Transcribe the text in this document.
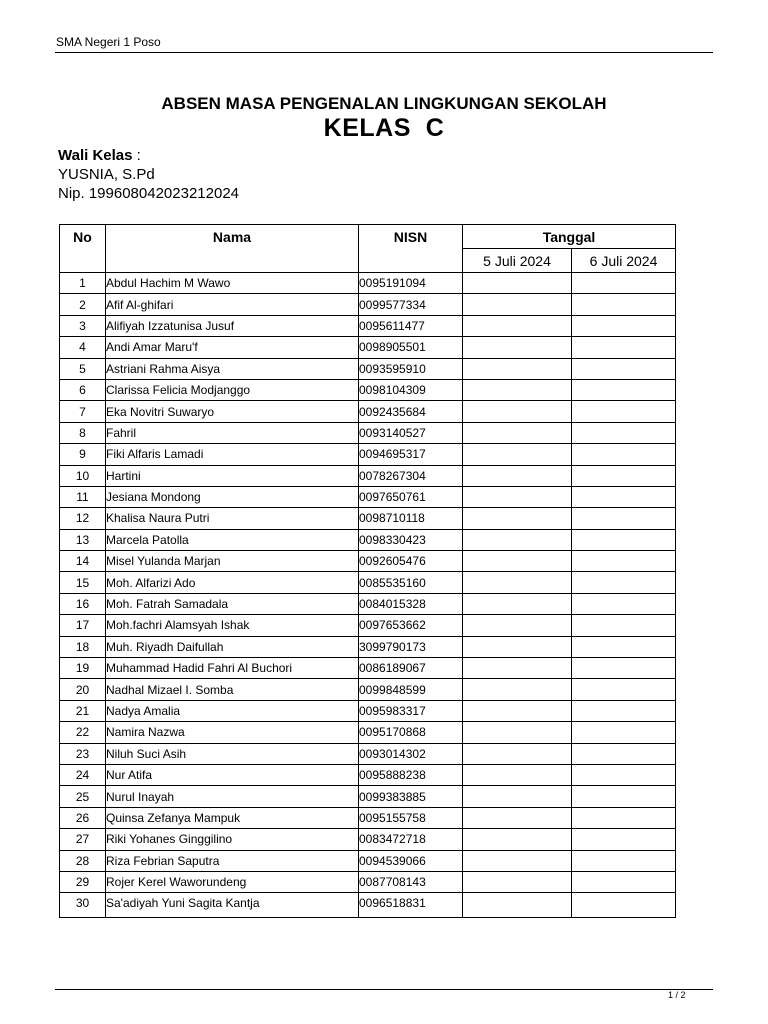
SMA Negeri 1 Poso
ABSEN MASA PENGENALAN LINGKUNGAN SEKOLAH
KELAS  C
Wali Kelas :
YUSNIA, S.Pd
Nip. 199608042023212024
No	Nama	NISN	Tanggal	
			5 Juli 2024	6 Juli 2024
1	Abdul Hachim M Wawo	0095191094		
2	Afif Al-ghifari	0099577334		
3	Alifiyah Izzatunisa Jusuf	0095611477		
4	Andi Amar Maru'f	0098905501		
5	Astriani Rahma Aisya	0093595910		
6	Clarissa Felicia Modjanggo	0098104309		
7	Eka Novitri Suwaryo	0092435684		
8	Fahril	0093140527		
9	Fiki Alfaris Lamadi	0094695317		
10	Hartini	0078267304		
11	Jesiana Mondong	0097650761		
12	Khalisa Naura Putri	0098710118		
13	Marcela Patolla	0098330423		
14	Misel Yulanda Marjan	0092605476		
15	Moh. Alfarizi Ado	0085535160		
16	Moh. Fatrah Samadala	0084015328		
17	Moh.fachri Alamsyah Ishak	0097653662		
18	Muh. Riyadh Daifullah	3099790173		
19	Muhammad Hadid Fahri Al Buchori	0086189067		
20	Nadhal Mizael I. Somba	0099848599		
21	Nadya Amalia	0095983317		
22	Namira Nazwa	0095170868		
23	Niluh Suci Asih	0093014302		
24	Nur Atifa	0095888238		
25	Nurul Inayah	0099383885		
26	Quinsa Zefanya Mampuk	0095155758		
27	Riki Yohanes Ginggilino	0083472718		
28	Riza Febrian Saputra	0094539066		
29	Rojer Kerel Waworundeng	0087708143		
30	Sa'adiyah Yuni Sagita Kantja	0096518831		
1 / 2
